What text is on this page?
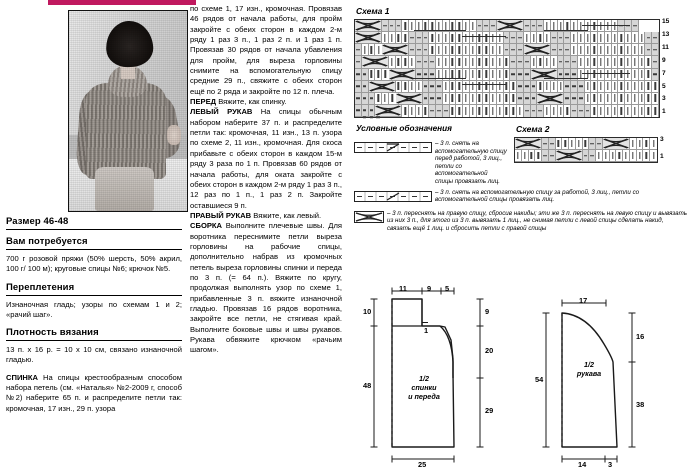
Размер 46-48
Вам потребуется

700 г розовой пряжи (50% шерсть, 50% акрил, 100 г/ 100 м); круговые спицы №6; крючок №5.

Переплетения

Изнаночная гладь; узоры по схемам 1 и 2; «рачий шаг».

Плотность вязания

13 п. х 16 р. = 10 х 10 см, связано изнаночной гладью.

СПИНКА На спицы крестообразным способом набора петель (см. «Наталья» №2-2009 г, способ №2) наберите 65 п. и распределите петли так: кромочная, 17 изн., 29 п. узора

по схеме 1, 17 изн., кромочная. Провязав 46 рядов от начала работы, для пройм закройте с обеих сторон в каждом 2-м ряду 1 раз 3 п., 1 раз 2 п. и 1 раз 1 п. Провязав 30 рядов от начала убавления для пройм, для выреза горловины снимите на вспомогательную спицу средние 29 п., свяжите с обеих сторон ещё по 2 ряда и закройте по 12 п. плеча.

ПЕРЕД Вяжите, как спинку.

ЛЕВЫЙ РУКАВ На спицы обычным набором наберите 37 п. и распределите петли так: кромочная, 11 изн., 13 п. узора по схеме 2, 11 изн., кромочная. Для скоса прибавьте с обеих сторон в каждом 15-м ряду 3 раза по 1 п. Провязав 60 рядов от начала работы, для оката закройте с обеих сторон в каждом 2-м ряду 1 раз 3 п., 12 раз по 1 п., 1 раз 2 п. Закройте оставшиеся 9 п.

ПРАВЫЙ РУКАВ Вяжите, как левый.

СБОРКА Выполните плечевые швы. Для воротника переснимите петли выреза горловины на рабочие спицы, дополнительно набрав из кромочных петель выреза горловины спинки и переда по 3 п. (= 64 п.). Вяжите по кругу, продолжая выполнять узор по схеме 1, прибавленные 3 п. вяжите изнаночной гладью. Провязав 16 рядов воротника, закройте все петли, не стягивая край. Выполните боковые швы и швы рукавов. Рукава обвяжите крючком «рачьим шагом».

Схема 1
15
13
11
9
7
5
3
1
Условные обозначения	Схема 2
3
1
– 3 п. снять на вспомогательную спицу перед работой, 3 лиц., петли со вспомогательной спицы провязать лиц.
– 3 п. снять на вспомогательную спицу за работой, 3 лиц., петли со вспомогательной спицы провязать лиц.
– 3 п. переснять на правую спицу, сбросив накиды; эти же 3 п. переснять на левую спицу и вывязать из них 3 п., для этого из 3 п. вывязать 1 лиц., не снимая петли с левой спицы сделать накид, связать ещё 1 лиц. и сбросить петли с правой спицы
11	9 5
10
48
9
20
29
1
25
1/2
спинки
и переда
17
54
16
38
14	3
1/2
рукава
